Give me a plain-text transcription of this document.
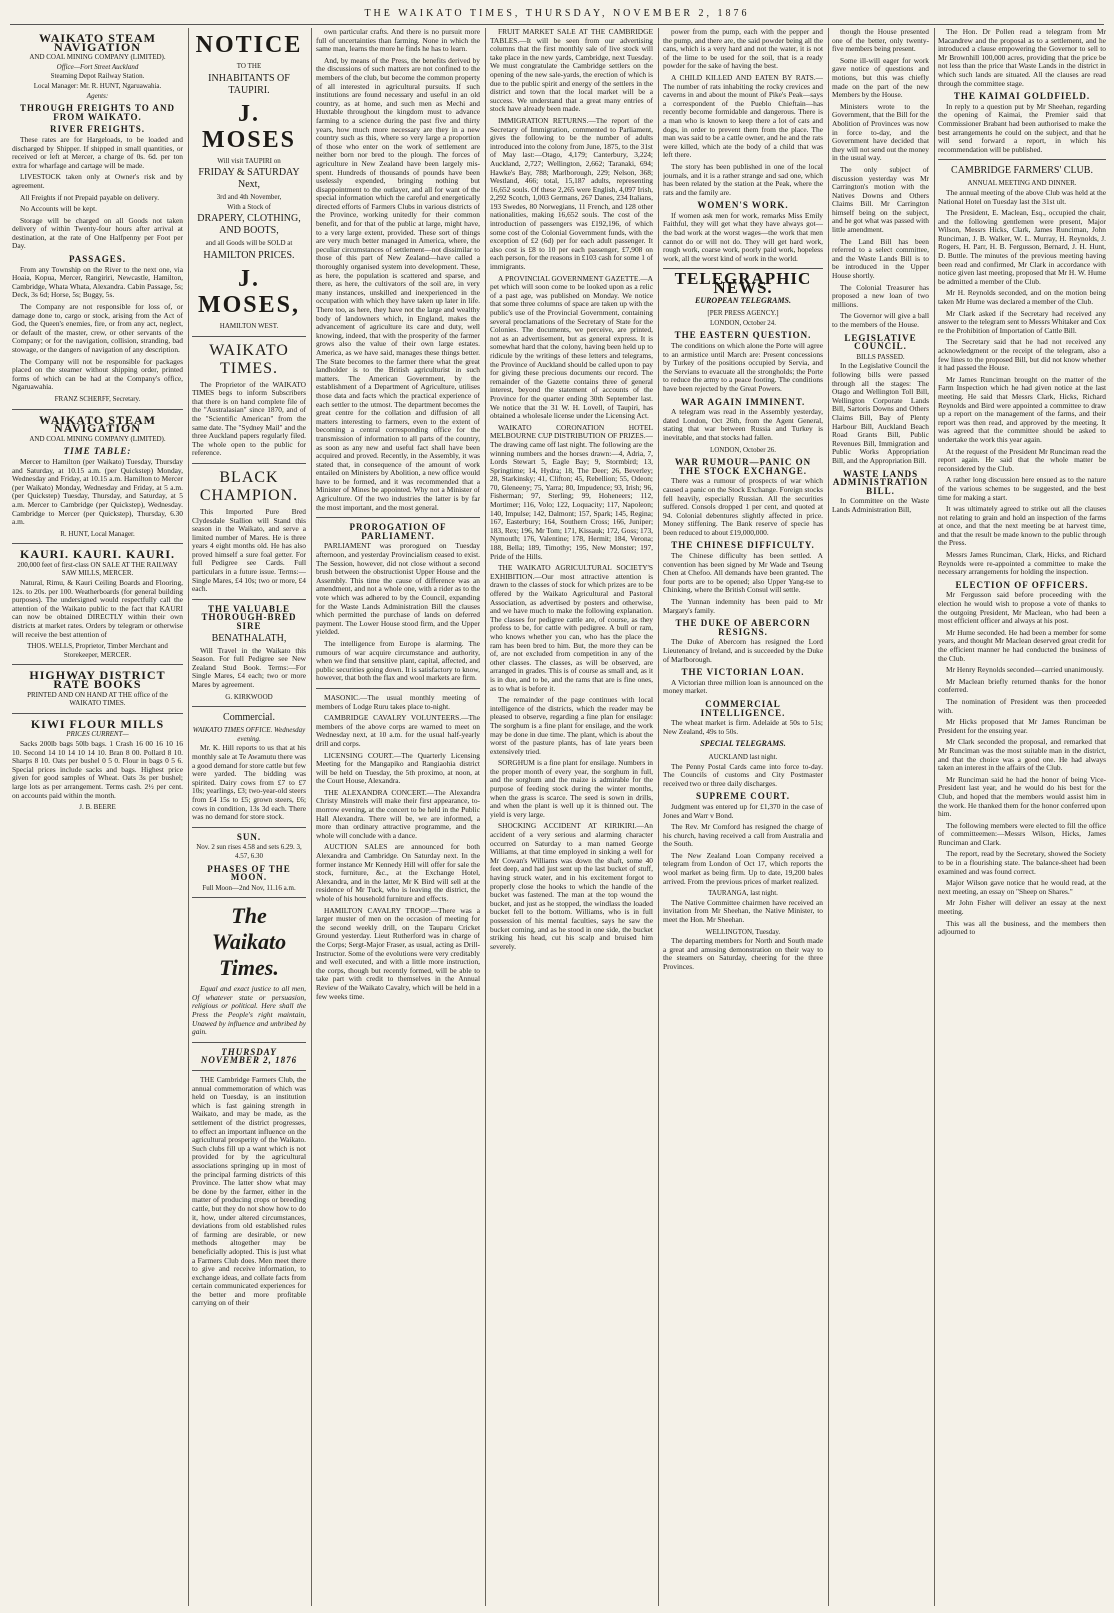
THE WAIKATO TIMES, THURSDAY, NOVEMBER 2, 1876
WAIKATO STEAM NAVIGATION
AND COAL MINING COMPANY (LIMITED).
Office—Fort Street Auckland
Steaming Depot Railway Station.
Local Manager: Mr. R. HUNT, Ngaruawahia.
Agents:
THROUGH FREIGHTS TO AND FROM WAIKATO.
RIVER FREIGHTS.

These rates are for Hargeloads, to be loaded and discharged by Shipper. If shipped in small quantities, or received or left at Mercer, a charge of 0s. 6d. per ton extra for wharfage and cartage will be made.

LIVESTOCK taken only at Owner's risk and by agreement.

All Freights if not Prepaid payable on delivery.

No Accounts will be kept.

Storage will be charged on all Goods not taken delivery of within Twenty-four hours after arrival at destination, at the rate of One Halfpenny per Foot per Day.

PASSAGES.

From any Township on the River to the next one, via Hoaia, Kopua, Mercer, Rangiriri, Newcastle, Hamilton, Cambridge, Whata Whata, Alexandra. Cabin Passage, 5s; Deck, 3s 6d; Horse, 5s; Buggy, 5s.

The Company are not responsible for loss of, or damage done to, cargo or stock, arising from the Act of God, the Queen's enemies, fire, or from any act, neglect, or default of the master, crew, or other servants of the Company; or for the navigation, collision, stranding, bad stowage, or the dangers of navigation of any description.

The Company will not be responsible for packages placed on the steamer without shipping order, printed forms of which can be had at the Company's office, Ngaruawahia.

FRANZ SCHERFF, Secretary.
WAIKATO STEAM NAVIGATION
AND COAL MINING COMPANY (LIMITED).
TIME TABLE:

Mercer to Hamilton (per Waikato) Tuesday, Thursday and Saturday, at 10.15 a.m. (per Quickstep) Monday, Wednesday and Friday, at 10.15 a.m. Hamilton to Mercer (per Waikato) Monday, Wednesday and Friday, at 5 a.m. (per Quickstep) Tuesday, Thursday, and Saturday, at 5 a.m. Mercer to Cambridge (per Quickstep), Wednesday. Cambridge to Mercer (per Quickstep), Thursday, 6.30 a.m.

R. HUNT, Local Manager.
KAURI. KAURI. KAURI.
200,000 feet of first-class ON SALE AT THE RAILWAY SAW MILLS, MERCER.

Natural, Rimu, & Kauri Ceiling Boards and Flooring, 12s. to 20s. per 100. Weatherboards (for general building purposes). The undersigned would respectfully call the attention of the Waikato public to the fact that KAURI can now be obtained DIRECTLY within their own districts at market rates. Orders by telegram or otherwise will receive the best attention of

THOS. WELLS, Proprietor, Timber Merchant and Storekeeper, MERCER.
HIGHWAY DISTRICT RATE BOOKS
PRINTED AND ON HAND AT THE office of the WAIKATO TIMES.
KIWI FLOUR MILLS
PRICES CURRENT—

Sacks 200lb bags 50lb bags. 1 Crash 16 00 16 10 16 10. Second 14 10 14 10 14 10. Bran 8 00. Pollard 8 10. Sharps 8 10. Oats per bushel 0 5 0. Flour in bags 0 5 6. Special prices include sacks and bags. Highest price given for good samples of Wheat. Oats 3s per bushel; large lots as per arrangement. Terms cash. 2½ per cent. on accounts paid within the month.

J. B. BEERE
NOTICE
TO THE
INHABITANTS OF TAUPIRI.
J. MOSES
Will visit TAUPIRI on
FRIDAY & SATURDAY Next,
3rd and 4th November,
With a Stock of
DRAPERY, CLOTHING, AND BOOTS,
and all Goods will be SOLD at
HAMILTON PRICES.
J. MOSES,
HAMILTON WEST.
WAIKATO TIMES.

The Proprietor of the WAIKATO TIMES begs to inform Subscribers that there is on hand complete file of the "Australasian" since 1870, and of the "Scientific American" from the same date. The "Sydney Mail" and the three Auckland papers regularly filed. The whole open to the public for reference.

BLACK CHAMPION.

This Imported Pure Bred Clydesdale Stallion will Stand this season in the Waikato, and serve a limited number of Mares. He is three years 4 eight months old. He has also proved himself a sure foal getter. For full Pedigree see Cards. Full particulars in a future issue. Terms:—Single Mares, £4 10s; two or more, £4 each.

THE VALUABLE THOROUGH-BRED SIRE
BENATHALATH,

Will Travel in the Waikato this Season. For full Pedigree see New Zealand Stud Book. Terms:—For Single Mares, £4 each; two or more Mares by agreement.

G. KIRKWOOD
Commercial.
WAIKATO TIMES OFFICE. Wednesday evening.

Mr. K. Hill reports to us that at his monthly sale at Te Awamutu there was a good demand for store cattle but few were yarded. The bidding was spirited. Dairy cows from £7 to £7 10s; yearlings, £3; two-year-old steers from £4 15s to £5; grown steers, £6; cows in condition, 13s 3d each. There was no demand for store stock.

SUN.
Nov. 2 sun rises 4.58 and sets 6.29. 3, 4.57, 6.30
PHASES OF THE MOON.
Full Moon—2nd Nov, 11.16 a.m.
The Waikato Times.

Equal and exact justice to all men, Of whatever state or persuasion, religious or political. Here shall the Press the People's right maintain, Unawed by influence and unbribed by gain.

THURSDAY NOVEMBER 2, 1876

THE Cambridge Farmers Club, the annual commemoration of which was held on Tuesday, is an institution which is fast gaining strength in Waikato, and may be made, as the settlement of the district progresses, to effect an important influence on the agricultural prosperity of the Waikato. Such clubs fill up a want which is not provided for by the agricultural associations springing up in most of the principal farming districts of this Province. The latter show what may be done by the farmer, either in the matter of producing crops or breeding cattle, but they do not show how to do it, how, under altered circumstances, deviations from old established rules of farming are desirable, or new methods altogether may be beneficially adopted. This is just what a Farmers Club does. Men meet there to give and receive information, to exchange ideas, and collate facts from certain communicated experiences for the better and more profitable carrying on of their

own particular crafts. And there is no pursuit more full of uncertainties than farming. None in which the same man, learns the more he finds he has to learn.

And, by means of the Press, the benefits derived by the discussions of such matters are not confined to the members of the club, but become the common property of all interested in agricultural pursuits. If such institutions are found necessary and useful in an old country, as at home, and such men as Mechi and Huxtable throughout the kingdom must to advance farming to a science during the past five and thirty years, how much more necessary are they in a new country such as this, where so very large a proportion of those who enter on the work of settlement are neither born nor bred to the plough. The forces of agriculture in New Zealand have been largely mis-spent. Hundreds of thousands of pounds have been uselessly expended, bringing nothing but disappointment to the outlayer, and all for want of the special information which the careful and energetically directed efforts of Farmers Clubs in various districts of the Province, working unitedly for their common benefit, and for that of the public at large, might have, to a very large extent, provided. These sort of things are very much better managed in America, where, the peculiar circumstances of settlement—not dissimilar to those of this part of New Zealand—have called a thoroughly organised system into development. These, as here, the population is scattered and sparse, and there, as here, the cultivators of the soil are, in very many instances, unskilled and inexperienced in the occupation with which they have taken up later in life. There too, as here, they have not the large and wealthy body of landowners which, in England, makes the advancement of agriculture its care and duty, well knowing, indeed, that with the prosperity of the farmer grows also the value of their own large estates. America, as we have said, manages these things better. The State becomes to the farmer there what the great landholder is to the British agriculturist in such matters. The American Government, by the establishment of a Department of Agriculture, utilises those data and facts which the practical experience of each settler to the utmost. The department becomes the great centre for the collation and diffusion of all matters interesting to farmers, even to the extent of becoming a central corresponding office for the transmission of information to all parts of the country, as soon as any new and useful fact shall have been acquired and proved. Recently, in the Assembly, it was stated that, in consequence of the amount of work entailed on Ministers by Abolition, a new office would have to be formed, and it was recommended that a Minister of Mines be appointed. Why not a Minister of Agriculture. Of the two industries the latter is by far the most important, and the most general.

PROROGATION OF PARLIAMENT.

PARLIAMENT was prorogued on Tuesday afternoon, and yesterday Provincialism ceased to exist. The Session, however, did not close without a second brush between the obstructionist Upper House and the Assembly. This time the cause of difference was an amendment, and not a whole one, with a rider as to the vote which was adhered to by the Council, expanding for the Waste Lands Administration Bill the clauses which permitted the purchase of lands on deferred payment. The Lower House stood firm, and the Upper yielded.

The intelligence from Europe is alarming. The rumours of war acquire circumstance and authority, when we find that sensitive plant, capital, affected, and public securities going down. It is satisfactory to know, however, that both the flax and wool markets are firm.

MASONIC.—The usual monthly meeting of members of Lodge Ruru takes place to-night.

CAMBRIDGE CAVALRY VOLUNTEERS.—The members of the above corps are warned to meet on Wednesday next, at 10 a.m. for the usual half-yearly drill and corps.

LICENSING COURT.—The Quarterly Licensing Meeting for the Mangapiko and Rangiaohia district will be held on Tuesday, the 5th proximo, at noon, at the Court House, Alexandra.

THE ALEXANDRA CONCERT.—The Alexandra Christy Minstrels will make their first appearance, to-morrow evening, at the concert to be held in the Public Hall Alexandra. There will be, we are informed, a more than ordinary attractive programme, and the whole will conclude with a dance.

AUCTION SALES are announced for both Alexandra and Cambridge. On Saturday next. In the former instance Mr Kennedy Hill will offer for sale the stock, furniture, &c., at the Exchange Hotel, Alexandra, and in the latter, Mr K Bird will sell at the residence of Mr Tuck, who is leaving the district, the whole of his household furniture and effects.

HAMILTON CAVALRY TROOP.—There was a larger muster of men on the occasion of meeting for the second weekly drill, on the Tauparu Cricket Ground yesterday. Lieut Rutherford was in charge of the Corps; Sergt-Major Fraser, as usual, acting as Drill-Instructor. Some of the evolutions were very creditably and well executed, and with a little more instruction, the corps, though but recently formed, will be able to take part with credit to themselves in the Annual Review of the Waikato Cavalry, which will be held in a few weeks time.

FRUIT MARKET SALE AT THE CAMBRIDGE TABLES.—It will be seen from our advertising columns that the first monthly sale of live stock will take place in the new yards, Cambridge, next Tuesday. We must congratulate the Cambridge settlers on the opening of the new sale-yards, the erection of which is due to the public spirit and energy of the settlers in the district and town that the local market will be a success. We understand that a great many entries of stock have already been made.

IMMIGRATION RETURNS.—The report of the Secretary of Immigration, commented to Parliament, gives the following to be the number of adults introduced into the colony from June, 1875, to the 31st of May last:—Otago, 4,179; Canterbury, 3,224; Auckland, 2,727; Wellington, 2,662; Taranaki, 694; Hawke's Bay, 788; Marlborough, 229; Nelson, 368; Westland, 466; total, 15,187 adults, representing 16,652 souls. Of these 2,265 were English, 4,097 Irish, 2,292 Scotch, 1,003 Germans, 267 Danes, 234 Italians, 193 Swedes, 80 Norwegians, 11 French, and 128 other nationalities, making 16,652 souls. The cost of the introduction of passengers was £192,196, of which some cost of the Colonial Government funds, with the exception of £2 (6d) per for each adult passenger. It also cost is £8 to 10 per each passenger, £7,908 on each person, for the reasons in £103 cash for some 1 of immigrants.

A PROVINCIAL GOVERNMENT GAZETTE.—A pet which will soon come to be looked upon as a relic of a past age, was published on Monday. We notice that some three columns of space are taken up with the public's use of the Provincial Government, containing several proclamations of the Secretary of State for the Colonies. The documents, we perceive, are printed, not as an advertisement, but as general express. It is somewhat hard that the colony, having been held up to ridicule by the writings of these letters and telegrams, the Province of Auckland should be called upon to pay for giving these precious documents our record. The remainder of the Gazette contains three of general interest, beyond the statement of accounts of the Province for the quarter ending 30th September last. We notice that the 31 W. H. Lovell, of Taupiri, has obtained a wholesale license under the Licensing Act.

WAIKATO CORONATION HOTEL MELBOURNE CUP DISTRIBUTION OF PRIZES.—The drawing came off last night. The following are the winning numbers and the horses drawn:—4, Adria, 7, Lords Stewart 5, Eagle Bay; 9, Stormbird; 13, Springtime; 14, Hydra; 18, The Deer; 26, Beverley; 28, Starkinsky; 41, Clifton; 45, Rebellion; 55, Odeon; 70, Gleneeny; 75, Yarra; 80, Impudence; 93, Irish; 96, Fisherman; 97, Sterling; 99, Hoheneers; 112, Mortimer; 116, Volo; 122, Loquacity; 117, Napoleon; 140, Impulse; 142, Dalmont; 157, Spark; 145, Regina; 167, Easterbury; 164, Southern Cross; 166, Juniper; 183, Rex; 196, Mr Tom; 171, Kissauk; 172, Goss; 173, Nymouth; 176, Valentine; 178, Hermit; 184, Verona; 188, Bella; 189, Timothy; 195, New Monster; 197, Pride of the Hills.

THE WAIKATO AGRICULTURAL SOCIETY'S EXHIBITION.—Our most attractive attention is drawn to the classes of stock for which prizes are to be offered by the Waikato Agricultural and Pastoral Association, as advertised by posters and otherwise, and we have much to make the following explanation. The classes for pedigree cattle are, of course, as they profess to be, for cattle with pedigree. A bull or ram, who knows whether you can, who has the place the ram has been bred to him. But, the more they can be of, are not excluded from competition in any of the other classes. The classes, as will be observed, are arranged in grades. This is of course as small and, as it is in due, and to be, and the rams that are is fine ones, as to what is before it.

The remainder of the page continues with local intelligence of the districts, which the reader may be pleased to observe, regarding a fine plan for ensilage: The sorghum is a fine plant for ensilage, and the work may be done in due time. The plant, which is about the worst of the pasture plants, has of late years been extensively tried.

SORGHUM is a fine plant for ensilage. Numbers in the proper month of every year, the sorghum in full, and the sorghum and the maize is admirable for the purpose of feeding stock during the winter months, when the grass is scarce. The seed is sown in drills, and when the plant is well up it is thinned out. The yield is very large.

SHOCKING ACCIDENT AT KIRIKIRI.—An accident of a very serious and alarming character occurred on Saturday to a man named George Williams, at that time employed in sinking a well for Mr Cowan's Williams was down the shaft, some 40 feet deep, and had just sent up the last bucket of stuff, having struck water, and in his excitement forgot to properly close the hooks to which the handle of the bucket was fastened. The man at the top wound the bucket, and just as he stopped, the windlass the loaded bucket fell to the bottom. Williams, who is in full possession of his mental faculties, says he saw the bucket coming, and as he stood in one side, the bucket striking his head, cut his scalp and bruised him severely.

power from the pump, each with the pepper and the pump, and there are, the said powder being all the cans, which is a very hard and not the water, it is not of the lime to be used for the soil, that is a ready powder for the sake of having the best.

A CHILD KILLED AND EATEN BY RATS.—The number of rats inhabiting the rocky crevices and caverns in and about the mount of Pike's Peak—says a correspondent of the Pueblo Chieftain—has recently become formidable and dangerous. There is a man who is known to keep there a lot of cats and dogs, in order to prevent them from the place. The man was said to be a cattle owner, and he and the rats were killed, which ate the body of a child that was left there.

The story has been published in one of the local journals, and it is a rather strange and sad one, which has been related by the station at the Peak, where the rats and the family are.

WOMEN'S WORK.

If women ask men for work, remarks Miss Emily Faithful, they will get what they have always got—the bad work at the worst wages—the work that men cannot do or will not do. They will get hard work, rough work, coarse work, poorly paid work, hopeless work, all the worst kind of work in the world.

TELEGRAPHIC NEWS.
EUROPEAN TELEGRAMS.
[PER PRESS AGENCY.]
LONDON, October 24.
THE EASTERN QUESTION.

The conditions on which alone the Porte will agree to an armistice until March are: Present concessions by Turkey of the positions occupied by Servia, and the Servians to evacuate all the strongholds; the Porte to reduce the army to a peace footing. The conditions have been rejected by the Great Powers.

WAR AGAIN IMMINENT.

A telegram was read in the Assembly yesterday, dated London, Oct 26th, from the Agent General, stating that war between Russia and Turkey is inevitable, and that stocks had fallen.

LONDON, October 26.
WAR RUMOUR—PANIC ON THE STOCK EXCHANGE.

There was a rumour of prospects of war which caused a panic on the Stock Exchange. Foreign stocks fell heavily, especially Russian. All the securities suffered. Consols dropped 1 per cent, and quoted at 94. Colonial debentures slightly affected in price. Money stiffening. The Bank reserve of specie has been reduced to about £19,000,000.

THE CHINESE DIFFICULTY.

The Chinese difficulty has been settled. A convention has been signed by Mr Wade and Tseung Chen at Chefoo. All demands have been granted. The four ports are to be opened; also Upper Yang-tse to Chinking, where the British Consul will settle.

The Yunnan indemnity has been paid to Mr Margary's family.

THE DUKE OF ABERCORN RESIGNS.

The Duke of Abercorn has resigned the Lord Lieutenancy of Ireland, and is succeeded by the Duke of Marlborough.

THE VICTORIAN LOAN.

A Victorian three million loan is announced on the money market.

COMMERCIAL INTELLIGENCE.

The wheat market is firm. Adelaide at 50s to 51s; New Zealand, 49s to 50s.

SPECIAL TELEGRAMS.
AUCKLAND last night.

The Penny Postal Cards came into force to-day. The Councils of customs and City Postmaster received two or three daily discharges.

SUPREME COURT.

Judgment was entered up for £1,370 in the case of Jones and Warr v Bond.

The Rev. Mr Cornford has resigned the charge of his church, having received a call from Australia and the South.

The New Zealand Loan Company received a telegram from London of Oct 17, which reports the wool market as being firm. Up to date, 19,200 bales arrived. From the previous prices of market realized.

TAURANGA, last night.

The Native Committee chairmen have received an invitation from Mr Sheehan, the Native Minister, to meet the Hon. Mr Sheehan.

WELLINGTON, Tuesday.

The departing members for North and South made a great and amusing demonstration on their way to the steamers on Saturday, cheering for the three Provinces.

though the House presented one of the better, only twenty-five members being present.

Some ill-will eager for work gave notice of questions and motions, but this was chiefly made on the part of the new Members by the House.

Ministers wrote to the Government, that the Bill for the Abolition of Provinces was now in force to-day, and the Government have decided that they will not send out the money in the usual way.

The only subject of discussion yesterday was Mr Carrington's motion with the Natives Downs and Others Claims Bill. Mr Carrington himself being on the subject, and he got what was passed with little amendment.

The Land Bill has been referred to a select committee, and the Waste Lands Bill is to be introduced in the Upper House shortly.

The Colonial Treasurer has proposed a new loan of two millions.

The Governor will give a ball to the members of the House.

LEGISLATIVE COUNCIL.
BILLS PASSED.

In the Legislative Council the following bills were passed through all the stages: The Otago and Wellington Toll Bill, Wellington Corporate Lands Bill, Sartoris Downs and Others Claims Bill, Bay of Plenty Harbour Bill, Auckland Beach Road Grants Bill, Public Revenues Bill, Immigration and Public Works Appropriation Bill, and the Appropriation Bill.

WASTE LANDS ADMINISTRATION BILL.

In Committee on the Waste Lands Administration Bill,

The Hon. Dr Pollen read a telegram from Mr Macandrew and the proposal as to a settlement, and he introduced a clause empowering the Governor to sell to Mr Brownhill 100,000 acres, providing that the price be not less than the price that Waste Lands in the district in which such lands are situated. All the clauses are read through the committee stage.

THE KAIMAI GOLDFIELD.

In reply to a question put by Mr Sheehan, regarding the opening of Kaimai, the Premier said that Commissioner Brabant had been authorised to make the best arrangements he could on the subject, and that he will send forward a report, in which his recommendation will be published.

CAMBRIDGE FARMERS' CLUB.
ANNUAL MEETING AND DINNER.

The annual meeting of the above Club was held at the National Hotel on Tuesday last the 31st ult.

The President, E. Maclean, Esq., occupied the chair, and the following gentlemen were present, Major Wilson, Messrs Hicks, Clark, James Runciman, John Runciman, J. B. Walker, W. L. Murray, H. Reynolds, J. Rogers, H. Parr, H. B. Fergusson, Bernard, J. H. Hunt, D. Buttle. The minutes of the previous meeting having been read and confirmed, Mr Clark in accordance with notice given last meeting, proposed that Mr H. W. Hume be admitted a member of the Club.

Mr H. Reynolds seconded, and on the motion being taken Mr Hume was declared a member of the Club.

Mr Clark asked if the Secretary had received any answer to the telegram sent to Messrs Whitaker and Cox re the Prohibition of Importation of Cattle Bill.

The Secretary said that he had not received any acknowledgment or the receipt of the telegram, also a few lines to the proposed Bill, but did not know whether it had passed the House.

Mr James Runciman brought on the matter of the Farm Inspection which he had given notice at the last meeting. He said that Messrs Clark, Hicks, Richard Reynolds and Bird were appointed a committee to draw up a report on the management of the farms, and their report was then read, and approved by the meeting. It was agreed that the committee should be asked to undertake the work this year again.

At the request of the President Mr Runciman read the report again. He said that the whole matter be reconsidered by the Club.

A rather long discussion here ensued as to the nature of the various schemes to be suggested, and the best time for making a start.

It was ultimately agreed to strike out all the clauses not relating to grain and hold an inspection of the farms at once, and that the next meeting be at harvest time, and that the result be made known to the public through the Press.

Messrs James Runciman, Clark, Hicks, and Richard Reynolds were re-appointed a committee to make the necessary arrangements for holding the inspection.

ELECTION OF OFFICERS.

Mr Fergusson said before proceeding with the election he would wish to propose a vote of thanks to the outgoing President, Mr Maclean, who had been a most efficient officer and always at his post.

Mr Hume seconded. He had been a member for some years, and thought Mr Maclean deserved great credit for the efficient manner he had conducted the business of the Club.

Mr Henry Reynolds seconded—carried unanimously.

Mr Maclean briefly returned thanks for the honor conferred.

The nomination of President was then proceeded with.

Mr Hicks proposed that Mr James Runciman be President for the ensuing year.

Mr Clark seconded the proposal, and remarked that Mr Runciman was the most suitable man in the district, and that the choice was a good one. He had always taken an interest in the affairs of the Club.

Mr Runciman said he had the honor of being Vice-President last year, and he would do his best for the Club, and hoped that the members would assist him in the work. He thanked them for the honor conferred upon him.

The following members were elected to fill the office of committeemen:—Messrs Wilson, Hicks, James Runciman and Clark.

The report, read by the Secretary, showed the Society to be in a flourishing state. The balance-sheet had been examined and was found correct.

Major Wilson gave notice that he would read, at the next meeting, an essay on "Sheep on Shares."

Mr John Fisher will deliver an essay at the next meeting.

This was all the business, and the members then adjourned to
